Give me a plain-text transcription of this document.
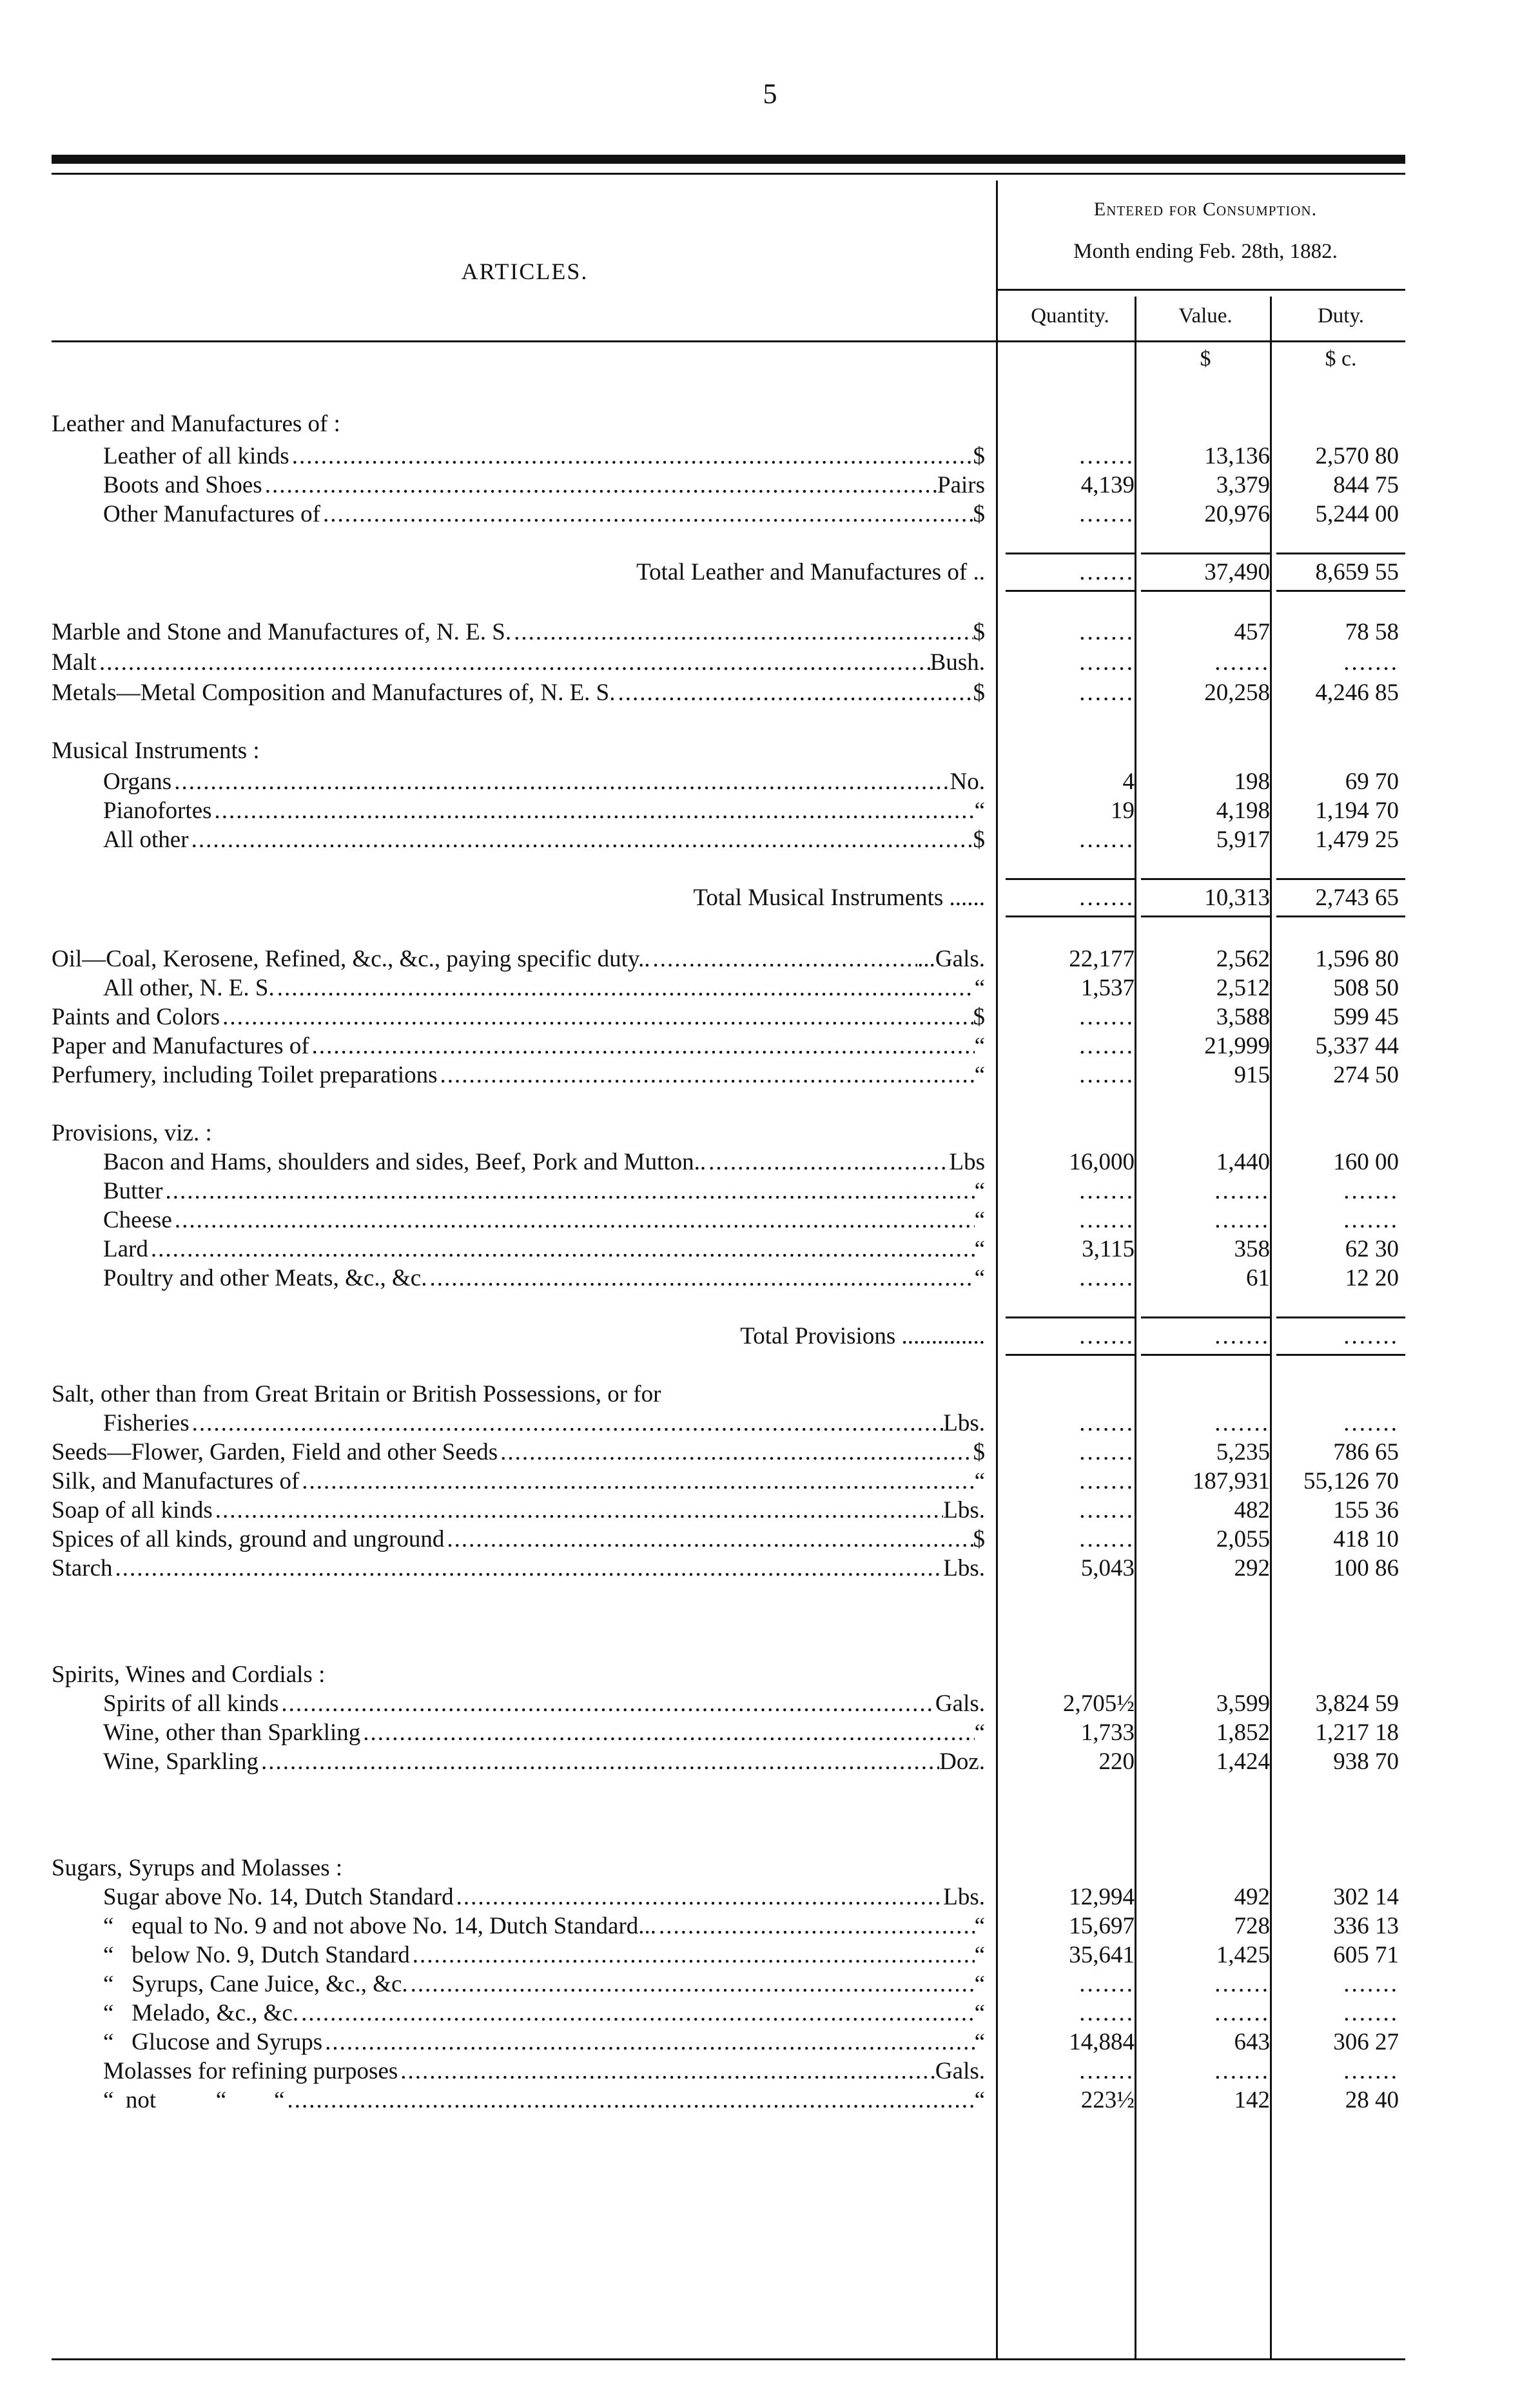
5
ARTICLES.
Entered for Consumption.
Month ending Feb. 28th, 1882.
Quantity.	Value.	Duty.
$	$ c.
Leather and Manufactures of :
Leather of all kinds .....	$	.......	13,136	2,570 80
Boots and Shoes .....	Pairs	4,139	3,379	844 75
Other Manufactures of .....	$	.......	20,976	5,244 00
Total Leather and Manufactures of ..	.......	37,490	8,659 55
Marble and Stone and Manufactures of, N. E. S. .....	$	.......	457	78 58
Malt .....	Bush.	.......	.......	.......
Metals—Metal Composition and Manufactures of, N. E. S. .....	$	.......	20,258	4,246 85
Musical Instruments :
Organs .....	No.	4	198	69 70
Pianofortes .....	“	19	4,198	1,194 70
All other .....	$	.......	5,917	1,479 25
Total Musical Instruments ......	.......	10,313	2,743 65
Oil—Coal, Kerosene, Refined, &c., &c., paying specific duty.. .....	...Gals.	22,177	2,562	1,596 80
All other, N. E. S. .....	“	1,537	2,512	508 50
Paints and Colors .....	$	.......	3,588	599 45
Paper and Manufactures of .....	“	.......	21,999	5,337 44
Perfumery, including Toilet preparations .....	“	.......	915	274 50
Provisions, viz. :
Bacon and Hams, shoulders and sides, Beef, Pork and Mutton.. .....	Lbs	16,000	1,440	160 00
Butter .....	“	.......	.......	.......
Cheese .....	“	.......	.......	.......
Lard .....	“	3,115	358	62 30
Poultry and other Meats, &c., &c. .....	“	.......	61	12 20
Total Provisions ..............	.......	.......	.......
Salt, other than from Great Britain or British Possessions, or for
Fisheries .....	Lbs.	.......	.......	.......
Seeds—Flower, Garden, Field and other Seeds .....	$	.......	5,235	786 65
Silk, and Manufactures of .....	“	.......	187,931	55,126 70
Soap of all kinds .....	Lbs.	.......	482	155 36
Spices of all kinds, ground and unground .....	$	.......	2,055	418 10
Starch .....	Lbs.	5,043	292	100 86
Spirits, Wines and Cordials :
Spirits of all kinds .....	Gals.	2,705½	3,599	3,824 59
Wine, other than Sparkling .....	“	1,733	1,852	1,217 18
Wine, Sparkling .....	Doz.	220	1,424	938 70
Sugars, Syrups and Molasses :
Sugar above No. 14, Dutch Standard .....	Lbs.	12,994	492	302 14
“   equal to No. 9 and not above No. 14, Dutch Standard... .....	“	15,697	728	336 13
“   below No. 9, Dutch Standard .....	“	35,641	1,425	605 71
“   Syrups, Cane Juice, &c., &c. .....	“	.......	.......	.......
“   Melado, &c., &c. .....	“	.......	.......	.......
“   Glucose and Syrups .....	“	14,884	643	306 27
Molasses for refining purposes .....	Gals.	.......	.......	.......
“  not          “        “ .....	“	223½	142	28 40
